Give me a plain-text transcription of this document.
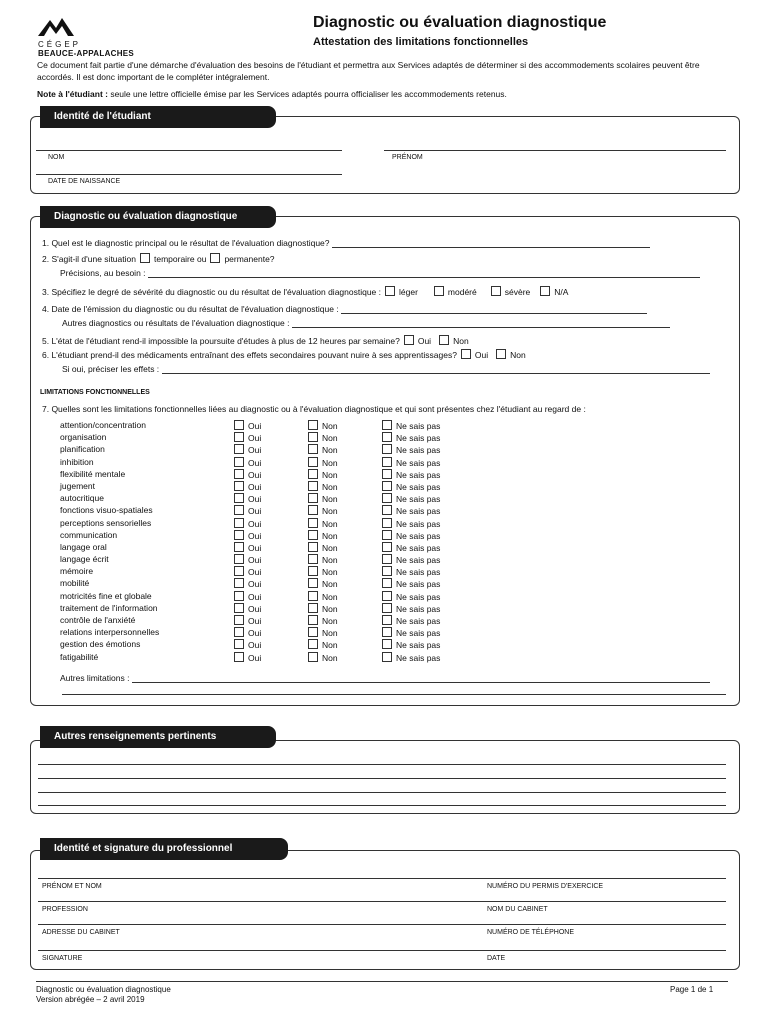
CÉGEP
BEAUCE-APPALACHES
Diagnostic ou évaluation diagnostique
Attestation des limitations fonctionnelles
Ce document fait partie d'une démarche d'évaluation des besoins de l'étudiant et permettra aux Services adaptés de déterminer si des accommodements scolaires peuvent être accordés. Il est donc important de le compléter intégralement.
Note à l'étudiant : seule une lettre officielle émise par les Services adaptés pourra officialiser les accommodements retenus.
Identité de l'étudiant
NOM	PRÉNOM
DATE DE NAISSANCE
Diagnostic ou évaluation diagnostique
1. Quel est le diagnostic principal ou le résultat de l'évaluation diagnostique?
2. S'agit-il d'une situation temporaire ou permanente?
Précisions, au besoin :
3. Spécifiez le degré de sévérité du diagnostic ou du résultat de l'évaluation diagnostique : léger	modéré	sévère	N/A
4. Date de l'émission du diagnostic ou du résultat de l'évaluation diagnostique :
Autres diagnostics ou résultats de l'évaluation diagnostique :
5. L'état de l'étudiant rend-il impossible la poursuite d'études à plus de 12 heures par semaine? Oui	Non
6. L'étudiant prend-il des médicaments entraînant des effets secondaires pouvant nuire à ses apprentissages? Oui	Non
Si oui, préciser les effets :
LIMITATIONS FONCTIONNELLES
7. Quelles sont les limitations fonctionnelles liées au diagnostic ou à l'évaluation diagnostique et qui sont présentes chez l'étudiant au regard de :
attention/concentration	Oui	Non	Ne sais pas
organisation	Oui	Non	Ne sais pas
planification	Oui	Non	Ne sais pas
inhibition	Oui	Non	Ne sais pas
flexibilité mentale	Oui	Non	Ne sais pas
jugement	Oui	Non	Ne sais pas
autocritique	Oui	Non	Ne sais pas
fonctions visuo-spatiales	Oui	Non	Ne sais pas
perceptions sensorielles	Oui	Non	Ne sais pas
communication	Oui	Non	Ne sais pas
langage oral	Oui	Non	Ne sais pas
langage écrit	Oui	Non	Ne sais pas
mémoire	Oui	Non	Ne sais pas
mobilité	Oui	Non	Ne sais pas
motricités fine et globale	Oui	Non	Ne sais pas
traitement de l'information	Oui	Non	Ne sais pas
contrôle de l'anxiété	Oui	Non	Ne sais pas
relations interpersonnelles	Oui	Non	Ne sais pas
gestion des émotions	Oui	Non	Ne sais pas
fatigabilité	Oui	Non	Ne sais pas
Autres limitations :
Autres renseignements pertinents
Identité et signature du professionnel
PRÉNOM ET NOM	NUMÉRO DU PERMIS D'EXERCICE
PROFESSION	NOM DU CABINET
ADRESSE DU CABINET	NUMÉRO DE TÉLÉPHONE
SIGNATURE	DATE
Diagnostic ou évaluation diagnostique
Version abrégée – 2 avril 2019
Page 1 de 1
